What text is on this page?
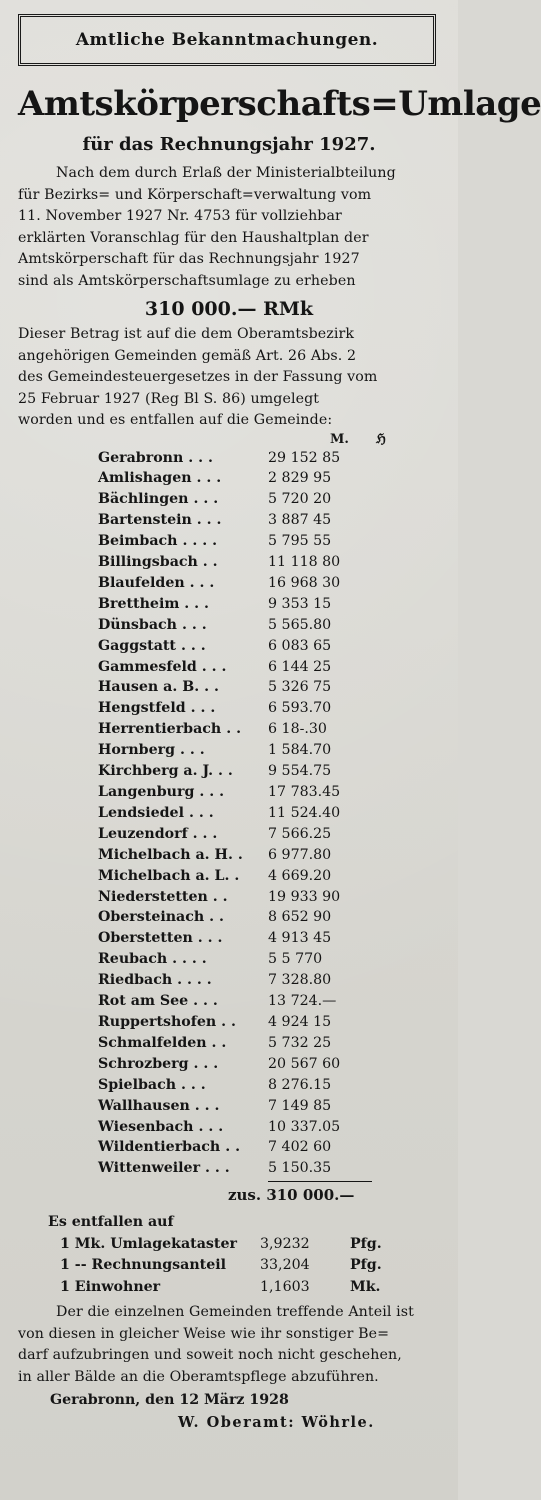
Amtliche Bekanntmachungen.
Amtskörperschafts=Umlage
für das Rechnungsjahr 1927.
Nach dem durch Erlaß der Ministerialbteilung
für Bezirks= und Körperschaft=verwaltung vom
11. November 1927 Nr. 4753 für vollziehbar
erklärten Voranschlag für den Haushaltplan der
Amtskörperschaft für das Rechnungsjahr 1927
sind als Amtskörperschaftsumlage zu erheben
310 000.— RMk
Dieser Betrag ist auf die dem Oberamtsbezirk
angehörigen Gemeinden gemäß Art. 26 Abs. 2
des Gemeindesteuergesetzes in der Fassung vom
25 Februar 1927 (Reg Bl S. 86) umgelegt
worden und es entfallen auf die Gemeinde:
M. ℌ
Gerabronn . . .	29 152 85
Amlishagen . . .	2 829 95
Bächlingen . . .	5 720 20
Bartenstein . . .	3 887 45
Beimbach . . . .	5 795 55
Billingsbach . .	11 118 80
Blaufelden . . .	16 968 30
Brettheim . . .	9 353 15
Dünsbach . . .	5 565.80
Gaggstatt . . .	6 083 65
Gammesfeld . . .	6 144 25
Hausen a. B. . .	5 326 75
Hengstfeld . . .	6 593.70
Herrentierbach . .	6 18-.30
Hornberg . . .	1 584.70
Kirchberg a. J. . .	9 554.75
Langenburg . . .	17 783.45
Lendsiedel . . .	11 524.40
Leuzendorf . . .	7 566.25
Michelbach a. H. .	6 977.80
Michelbach a. L. .	4 669.20
Niederstetten . .	19 933 90
Obersteinach . .	8 652 90
Oberstetten . . .	4 913 45
Reubach . . . .	5 5 770
Riedbach . . . .	7 328.80
Rot am See . . .	13 724.—
Ruppertshofen . .	4 924 15
Schmalfelden . .	5 732 25
Schrozberg . . .	20 567 60
Spielbach . . .	8 276.15
Wallhausen . . .	7 149 85
Wiesenbach . . .	10 337.05
Wildentierbach . .	7 402 60
Wittenweiler . . .	5 150.35
zus. 310 000.—
Es entfallen auf
1 Mk. Umlagekataster	3,9232	Pfg.
1 -- Rechnungsanteil	33,204	Pfg.
1 Einwohner	1,1603	Mk.
Der die einzelnen Gemeinden treffende Anteil ist
von diesen in gleicher Weise wie ihr sonstiger Be=
darf aufzubringen und soweit noch nicht geschehen,
in aller Bälde an die Oberamtspflege abzuführen.
Gerabronn, den 12 März 1928
W. Oberamt: Wöhrle.
